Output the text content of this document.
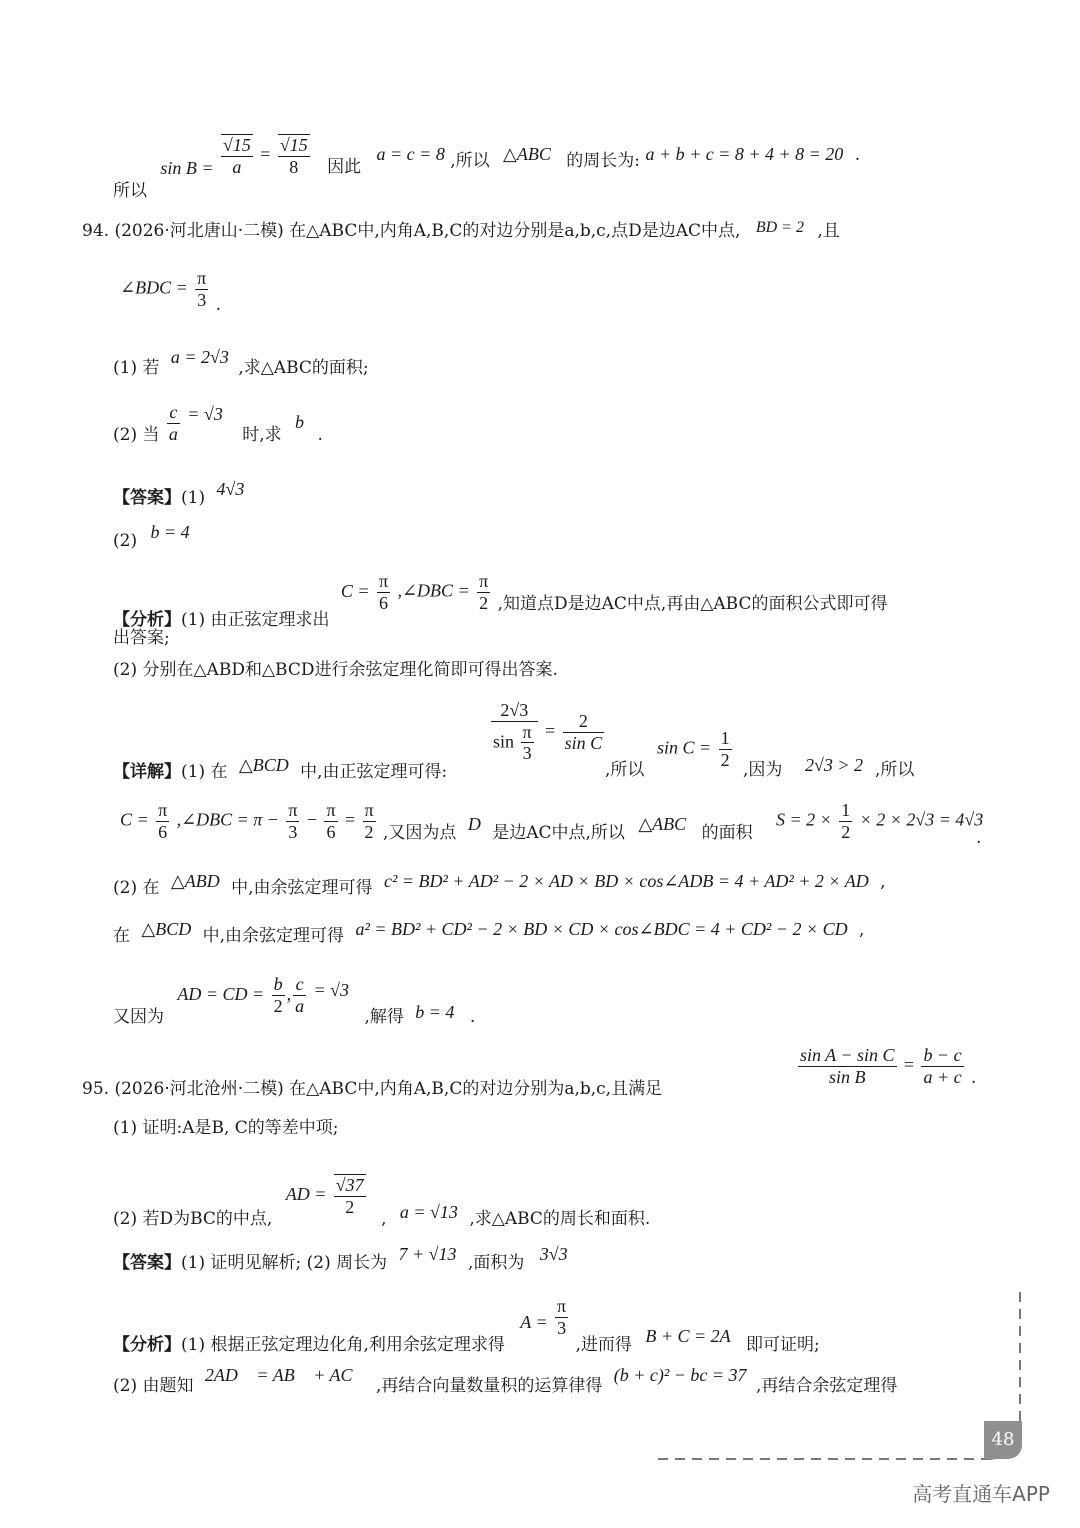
所以 $\sin B = \frac{√15}{a} = \frac{√15}{8}$ 因此 a = c = 8 ,所以 △ABC 的周长为: a + b + c = 8 + 4 + 8 = 20 .
94. (2026·河北唐山·二模) 在△ABC中,内角A,B,C的对边分别是a,b,c,点D是边AC中点, BD = 2 ,且
∠BDC = $\frac{\pi}{3}$ .
(1) 若 a = 2√3 ,求△ABC的面积;
(2) 当 $\frac{c}{a} = √3$ 时,求 b .
【答案】(1) 4√3
(2) b = 4
【分析】(1) 由正弦定理求出 $C = \frac{\pi}{6}$ ,∠DBC = $\frac{\pi}{2}$ ,知道点D是边AC中点,再由△ABC的面积公式即可得
出答案;
(2) 分别在△ABD和△BCD进行余弦定理化简即可得出答案.
【详解】(1) 在 △BCD 中,由正弦定理可得:
$\frac{2√3}{\sin \frac{\pi}{3}} = \frac{2}{\text{sin C}}$
,所以
$\sin C = \frac{1}{2}$ ,因为 2√3 > 2 ,所以
$C = \frac{\pi}{6}$ ,∠DBC = $\pi - \frac{\pi}{3} - \frac{\pi}{6} = \frac{\pi}{2}$ ,又因为点 D 是边AC中点,所以 △ABC 的面积
$S = 2 \times \frac{1}{2} \times 2 \times 2√3 = 4√3$
.
(2) 在 △ABD 中,由余弦定理可得 c² = BD² + AD² − 2 × AD × BD × cos∠ADB = 4 + AD² + 2 × AD ,
在 △BCD 中,由余弦定理可得 a² = BD² + CD² − 2 × BD × CD × cos∠BDC = 4 + CD² − 2 × CD ,
又因为 AD = CD = $\frac{b}{2}$ , $\frac{c}{a} = √3$ ,解得 b = 4 .
95. (2026·河北沧州·二模) 在△ABC中,内角A,B,C的对边分别为a,b,c,且满足
$\frac{\text{sin A − sin C}}{\text{sin B}} = \frac{b - c}{a + c}$ .
(1) 证明:A是B, C的等差中项;
(2) 若D为BC的中点, AD = $\frac{√37}{2}$
, a = √13 ,求△ABC的周长和面积.
【答案】(1) 证明见解析; (2) 周长为 7 + √13 ,面积为 3√3
【分析】(1) 根据正弦定理边化角,利用余弦定理求得 $A = \frac{\pi}{3}$
,进而得 B + C = 2A 即可证明;
(2) 由题知 2AD⃗ = AB⃗ + AC⃗ ,再结合向量数量积的运算律得 (b + c)² − bc = 37 ,再结合余弦定理得
48
高考直通车APP
